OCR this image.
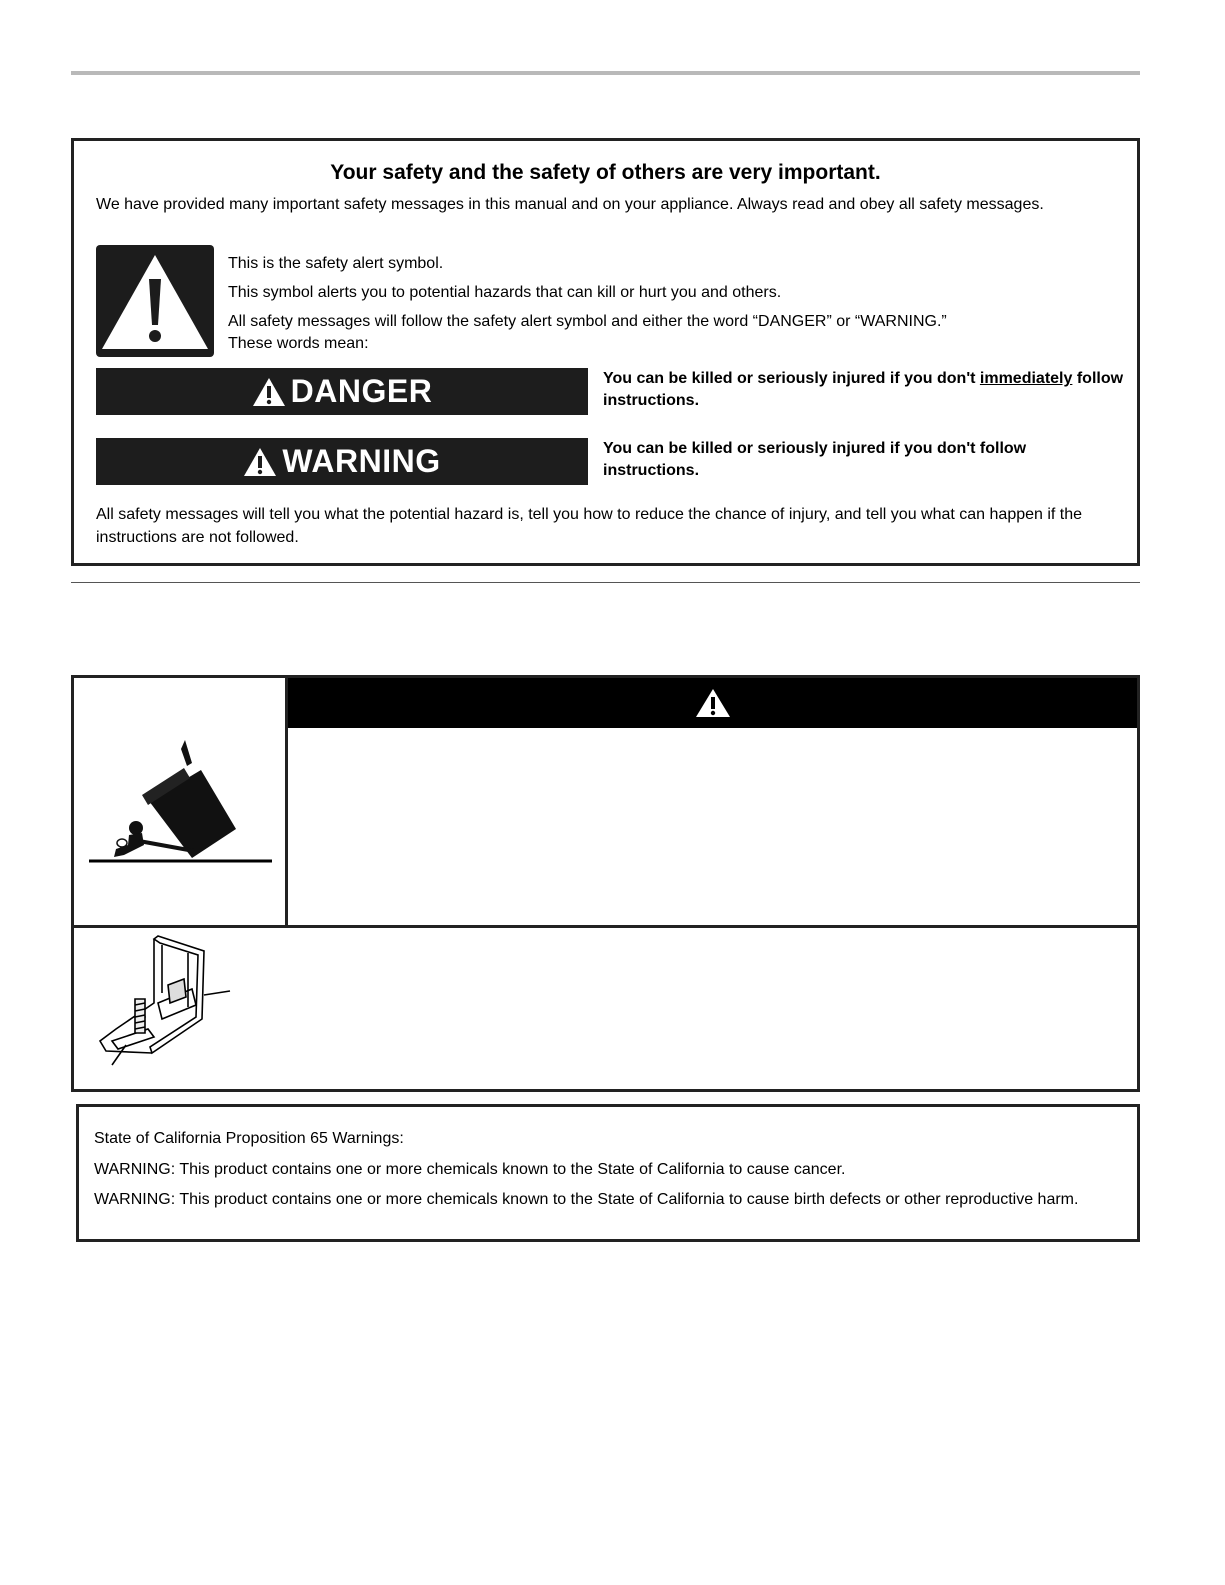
Your safety and the safety of others are very important.
We have provided many important safety messages in this manual and on your appliance. Always read and obey all safety messages.
This is the safety alert symbol.
This symbol alerts you to potential hazards that can kill or hurt you and others.
All safety messages will follow the safety alert symbol and either the word “DANGER” or “WARNING.”
These words mean:
DANGER	You can be killed or seriously injured if you don't immediately follow instructions.
WARNING	You can be killed or seriously injured if you don't follow instructions.
All safety messages will tell you what the potential hazard is, tell you how to reduce the chance of injury, and tell you what can happen if the instructions are not followed.
State of California Proposition 65 Warnings:
WARNING: This product contains one or more chemicals known to the State of California to cause cancer.
WARNING: This product contains one or more chemicals known to the State of California to cause birth defects or other reproductive harm.
